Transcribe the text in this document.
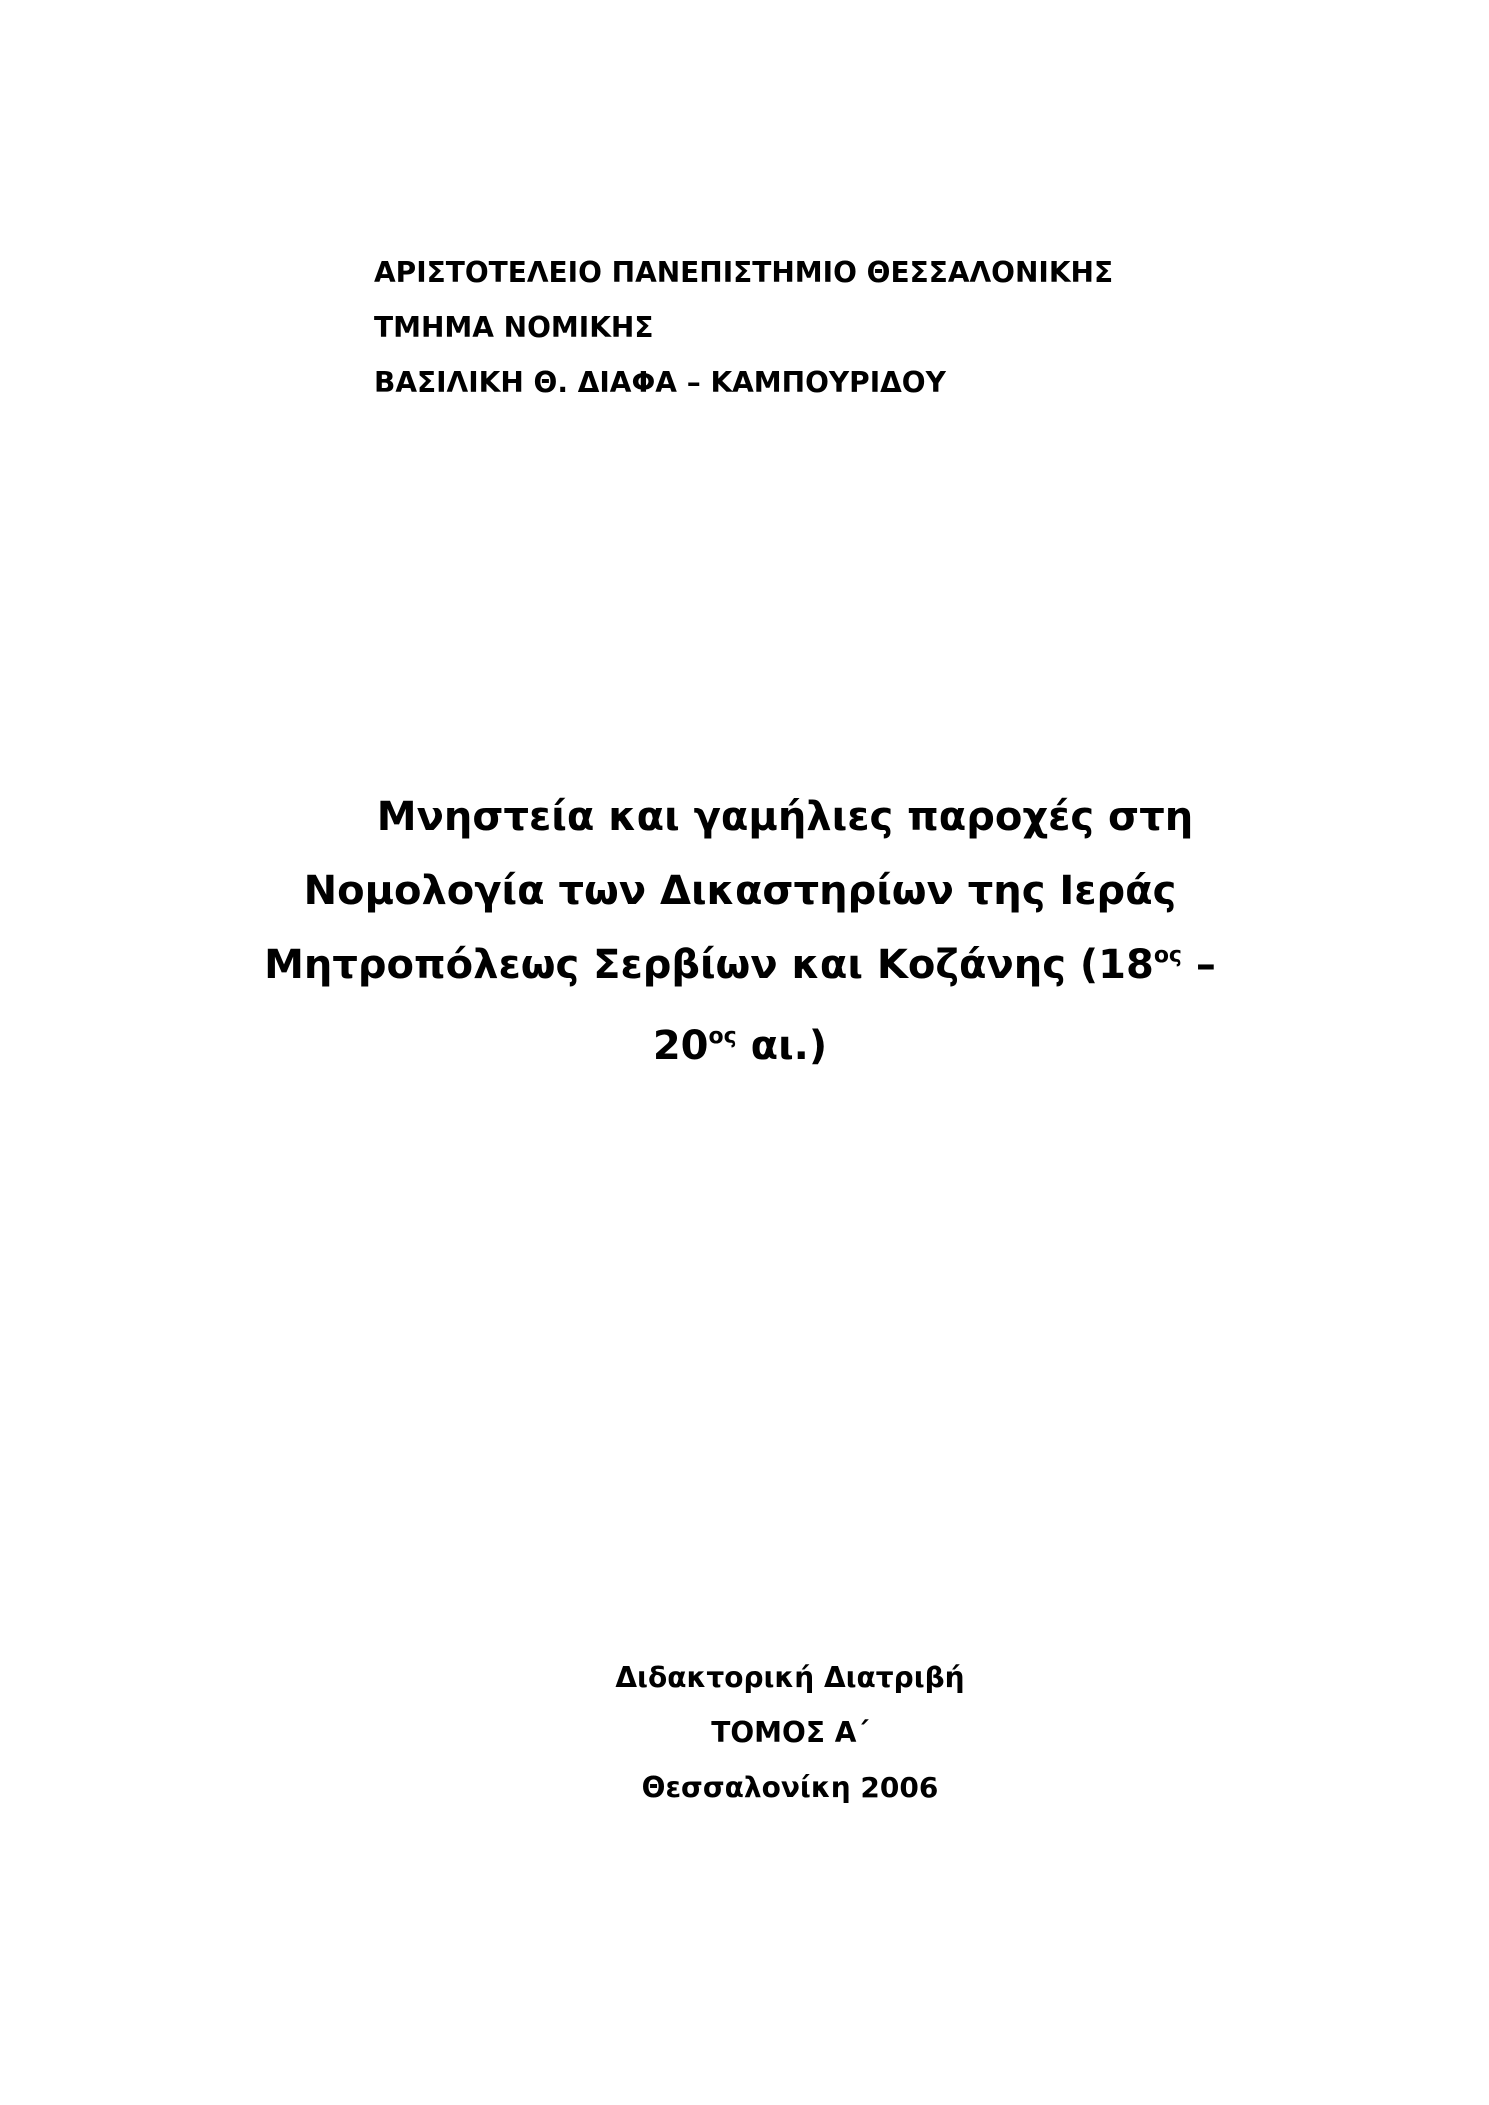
ΑΡΙΣΤΟΤΕΛΕΙΟ ΠΑΝΕΠΙΣΤΗΜΙΟ ΘΕΣΣΑΛΟΝΙΚΗΣ
ΤΜΗΜΑ ΝΟΜΙΚΗΣ
ΒΑΣΙΛΙΚΗ Θ. ΔΙΑΦΑ – ΚΑΜΠΟΥΡΙΔΟΥ
Μνηστεία και γαμήλιες παροχές στη
Νομολογία των Δικαστηρίων της Ιεράς
Μητροπόλεως Σερβίων και Κοζάνης ($18^{o\varsigma}$ –
$20^{o\varsigma}$ αι.)
Διδακτορική Διατριβή
ΤΟΜΟΣ Α΄
Θεσσαλονίκη 2006
